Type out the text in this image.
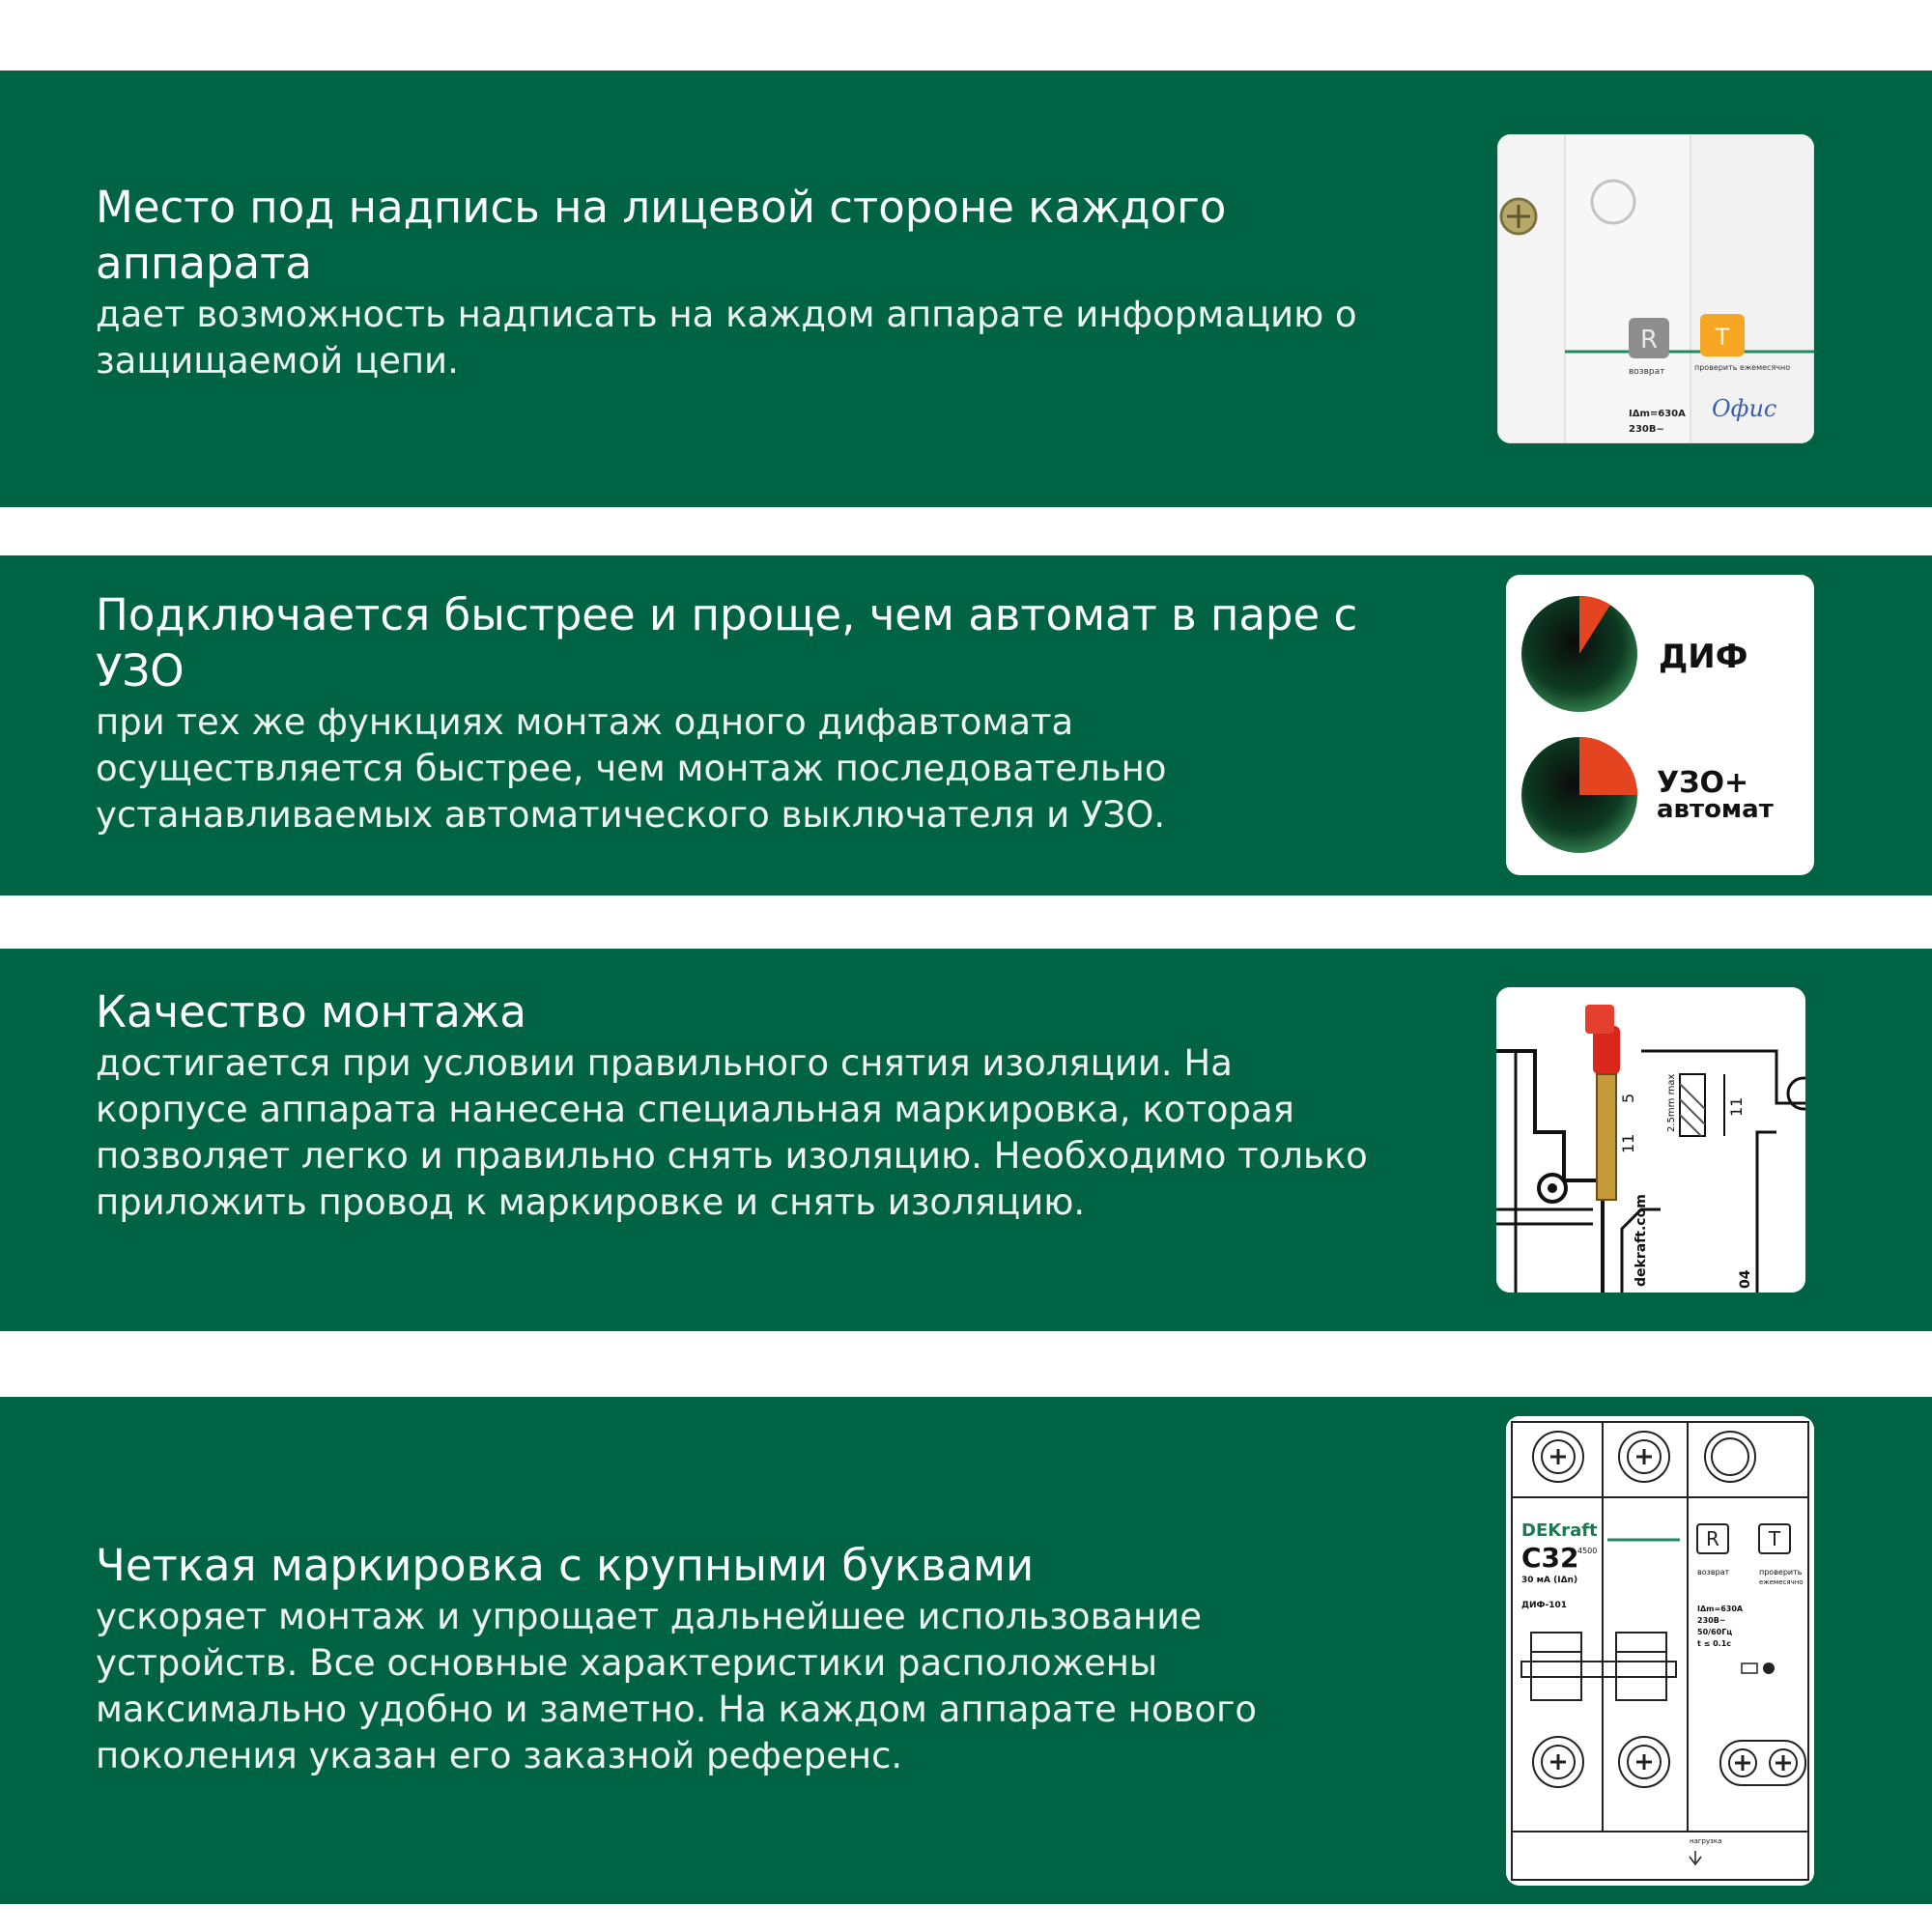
Место под надпись на лицевой стороне каждого аппарата

дает возможность надписать на каждом аппарате информацию о защищаемой цепи.	R T
возврат	проверить ежемесячно
IΔm=630A
230B~
Офис

Подключается быстрее и проще, чем автомат в паре с УЗО

при тех же функциях монтаж одного дифавтомата осуществляется быстрее, чем монтаж последовательно устанавливаемых автоматического выключателя и УЗО.

ДИФ
УЗО+
автомат

Качество монтажа

достигается при условии правильного снятия изоляции. На корпусе аппарата нанесена специальная маркировка, которая позволяет легко и правильно снять изоляцию. Необходимо только приложить провод к маркировке и снять изоляцию.

5
11
11
2.5mm max
dekraft.com	04

Четкая маркировка с крупными буквами

ускоряет монтаж и упрощает дальнейшее использование устройств. Все основные характеристики расположены максимально удобно и заметно. На каждом аппарате нового поколения указан его заказной референс.

DEKraft
C32
4500
30 мА (IΔn)
ДИФ-101
R	T
возврат	проверить
ежемесячно
IΔm=630A
230B~
50/60Гц
t ≤ 0.1c
нагрузка
